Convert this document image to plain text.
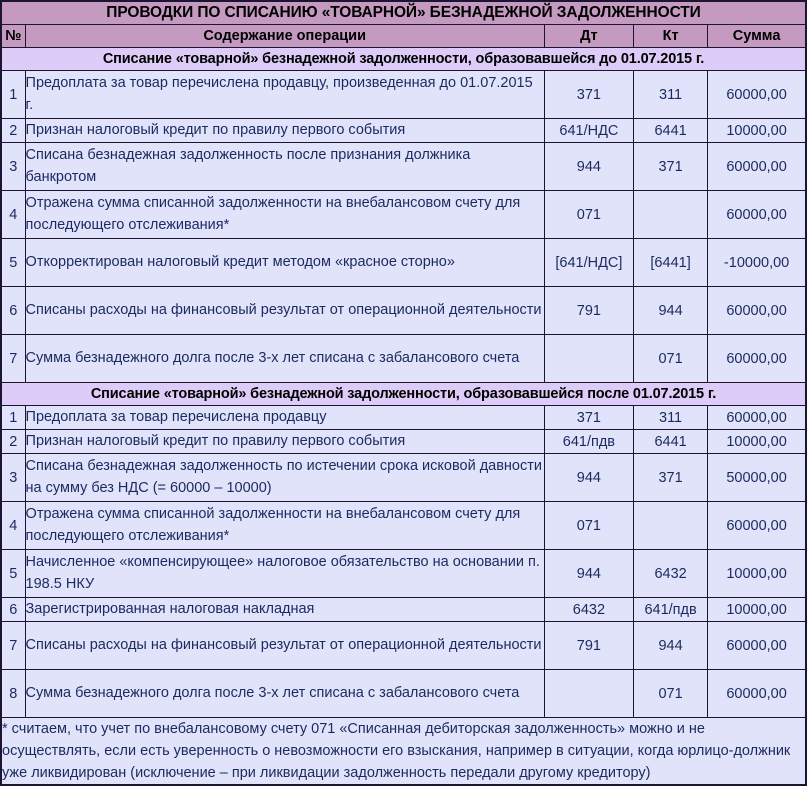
ПРОВОДКИ ПО СПИСАНИЮ «ТОВАРНОЙ» БЕЗНАДЕЖНОЙ ЗАДОЛЖЕННОСТИ				
№	Содержание операции	Дт	Кт	Сумма
Списание «товарной» безнадежной задолженности, образовавшейся до 01.07.2015 г.				
1	Предоплата за товар перечислена продавцу, произведенная до 01.07.2015 г.	371	311	60000,00
2	Признан налоговый кредит по правилу первого события	641/НДС	6441	10000,00
3	Списана безнадежная задолженность после признания должника банкротом	944	371	60000,00
4	Отражена сумма списанной задолженности на внебалансовом счету для последующего отслеживания*	071		60000,00
5	Откорректирован налоговый кредит методом «красное сторно»	[641/НДС]	[6441]	-10000,00
6	Списаны расходы на финансовый результат от операционной деятельности	791	944	60000,00
7	Сумма безнадежного долга после 3-х лет списана с забалансового счета		071	60000,00
Списание «товарной» безнадежной задолженности, образовавшейся после 01.07.2015 г.				
1	Предоплата за товар перечислена продавцу	371	311	60000,00
2	Признан налоговый кредит по правилу первого события	641/пдв	6441	10000,00
3	Списана безнадежная задолженность по истечении срока исковой давности на сумму без НДС (= 60000 – 10000)	944	371	50000,00
4	Отражена сумма списанной задолженности на внебалансовом счету для последующего отслеживания*	071		60000,00
5	Начисленное «компенсирующее» налоговое обязательство на основании п. 198.5 НКУ	944	6432	10000,00
6	Зарегистрированная налоговая накладная	6432	641/пдв	10000,00
7	Списаны расходы на финансовый результат от операционной деятельности	791	944	60000,00
8	Сумма безнадежного долга после 3-х лет списана с забалансового счета		071	60000,00
* считаем, что учет по внебалансовому счету 071 «Списанная дебиторская задолженность» можно и не осуществлять, если есть уверенность о невозможности его взыскания, например в ситуации, когда юрлицо-должник уже ликвидирован (исключение – при ликвидации задолженность передали другому кредитору)				
